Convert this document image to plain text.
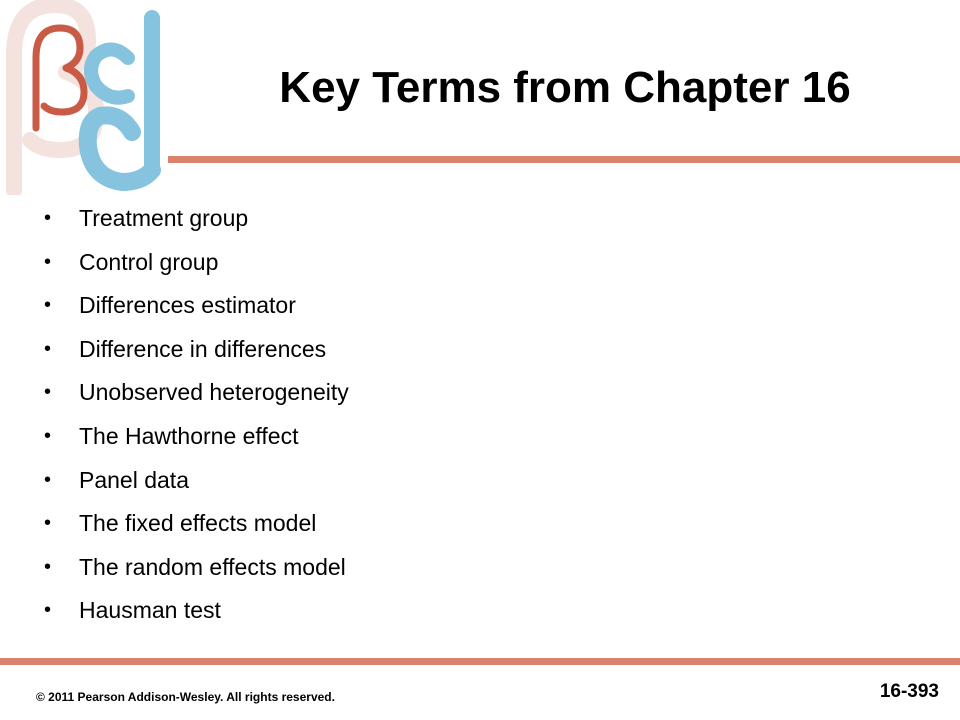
Key Terms from Chapter 16
• Treatment group
• Control group
• Differences estimator
• Difference in differences
• Unobserved heterogeneity
• The Hawthorne effect
• Panel data
• The fixed effects model
• The random effects model
• Hausman test
© 2011 Pearson Addison-Wesley. All rights reserved.	16-393
